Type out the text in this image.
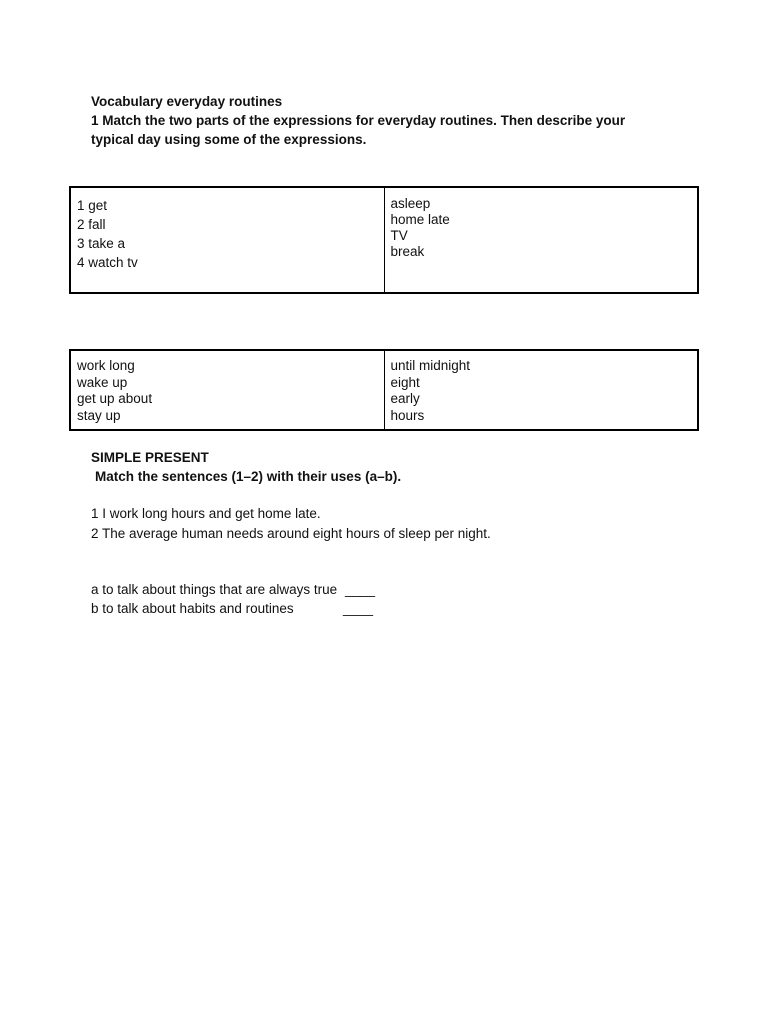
Vocabulary everyday routines
1 Match the two parts of the expressions for everyday routines. Then describe your
typical day using some of the expressions.
1 get
2 fall
3 take a
4 watch tv
asleep
home late
TV
break
work long
wake up
get up about
stay up
until midnight
eight
early
hours
SIMPLE PRESENT
Match the sentences (1–2) with their uses (a–b).
1 I work long hours and get home late.
2 The average human needs around eight hours of sleep per night.
a to talk about things that are always true ____
b to talk about habits and routines	____
